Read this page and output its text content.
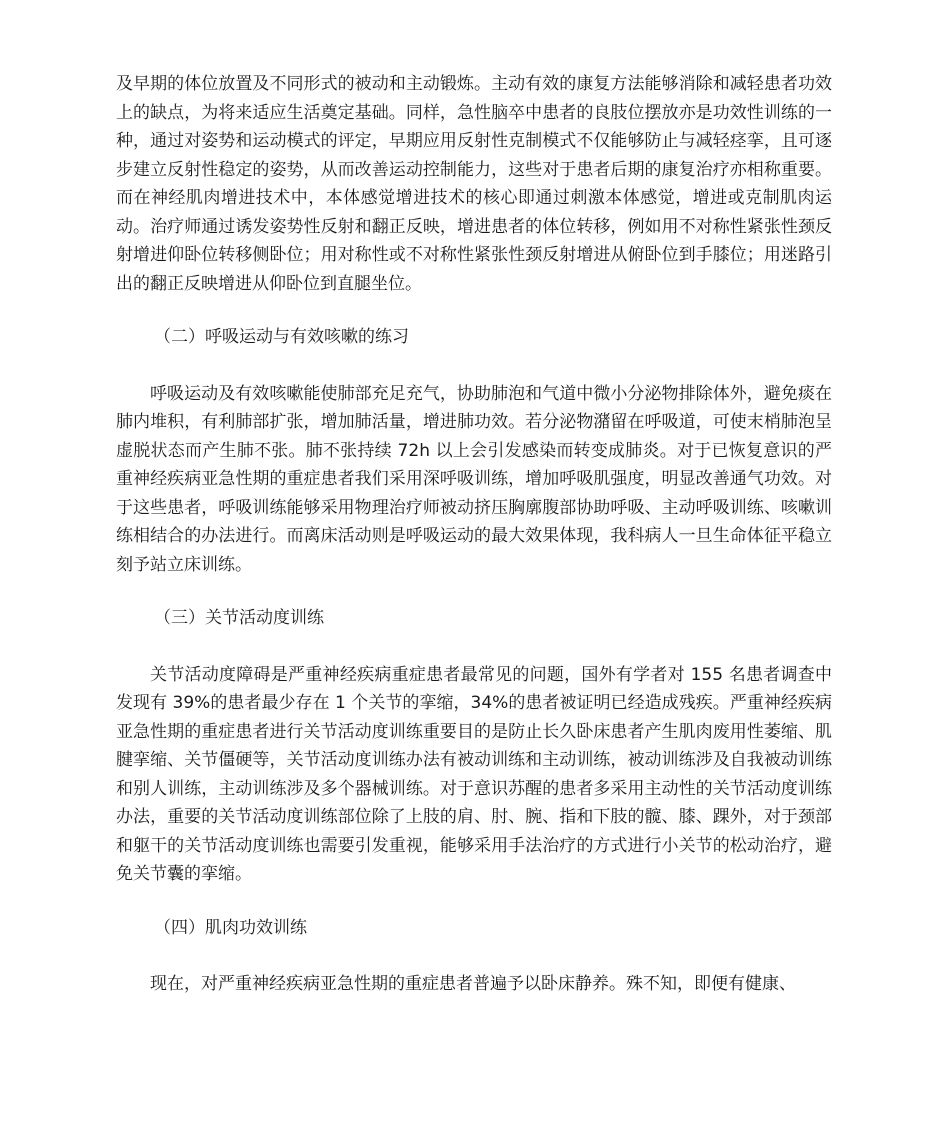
及早期的体位放置及不同形式的被动和主动锻炼。主动有效的康复方法能够消除和减轻患者功效上的缺点，为将来适应生活奠定基础。同样，急性脑卒中患者的良肢位摆放亦是功效性训练的一种，通过对姿势和运动模式的评定，早期应用反射性克制模式不仅能够防止与减轻痉挛，且可逐步建立反射性稳定的姿势，从而改善运动控制能力，这些对于患者后期的康复治疗亦相称重要。而在神经肌肉增进技术中，本体感觉增进技术的核心即通过刺激本体感觉，增进或克制肌肉运动。治疗师通过诱发姿势性反射和翻正反映，增进患者的体位转移，例如用不对称性紧张性颈反射增进仰卧位转移侧卧位；用对称性或不对称性紧张性颈反射增进从俯卧位到手膝位；用迷路引出的翻正反映增进从仰卧位到直腿坐位。

（二）呼吸运动与有效咳嗽的练习

呼吸运动及有效咳嗽能使肺部充足充气，协助肺泡和气道中微小分泌物排除体外，避免痰在肺内堆积，有利肺部扩张，增加肺活量，增进肺功效。若分泌物潴留在呼吸道，可使末梢肺泡呈虚脱状态而产生肺不张。肺不张持续 72h 以上会引发感染而转变成肺炎。对于已恢复意识的严重神经疾病亚急性期的重症患者我们采用深呼吸训练，增加呼吸肌强度，明显改善通气功效。对于这些患者，呼吸训练能够采用物理治疗师被动挤压胸廓腹部协助呼吸、主动呼吸训练、咳嗽训练相结合的办法进行。而离床活动则是呼吸运动的最大效果体现，我科病人一旦生命体征平稳立刻予站立床训练。

（三）关节活动度训练

关节活动度障碍是严重神经疾病重症患者最常见的问题，国外有学者对 155 名患者调查中发现有 39%的患者最少存在 1 个关节的挛缩，34%的患者被证明已经造成残疾。严重神经疾病亚急性期的重症患者进行关节活动度训练重要目的是防止长久卧床患者产生肌肉废用性萎缩、肌腱挛缩、关节僵硬等，关节活动度训练办法有被动训练和主动训练，被动训练涉及自我被动训练和别人训练，主动训练涉及多个器械训练。对于意识苏醒的患者多采用主动性的关节活动度训练办法，重要的关节活动度训练部位除了上肢的肩、肘、腕、指和下肢的髋、膝、踝外，对于颈部和躯干的关节活动度训练也需要引发重视，能够采用手法治疗的方式进行小关节的松动治疗，避免关节囊的挛缩。

（四）肌肉功效训练

现在，对严重神经疾病亚急性期的重症患者普遍予以卧床静养。殊不知，即便有健康、
